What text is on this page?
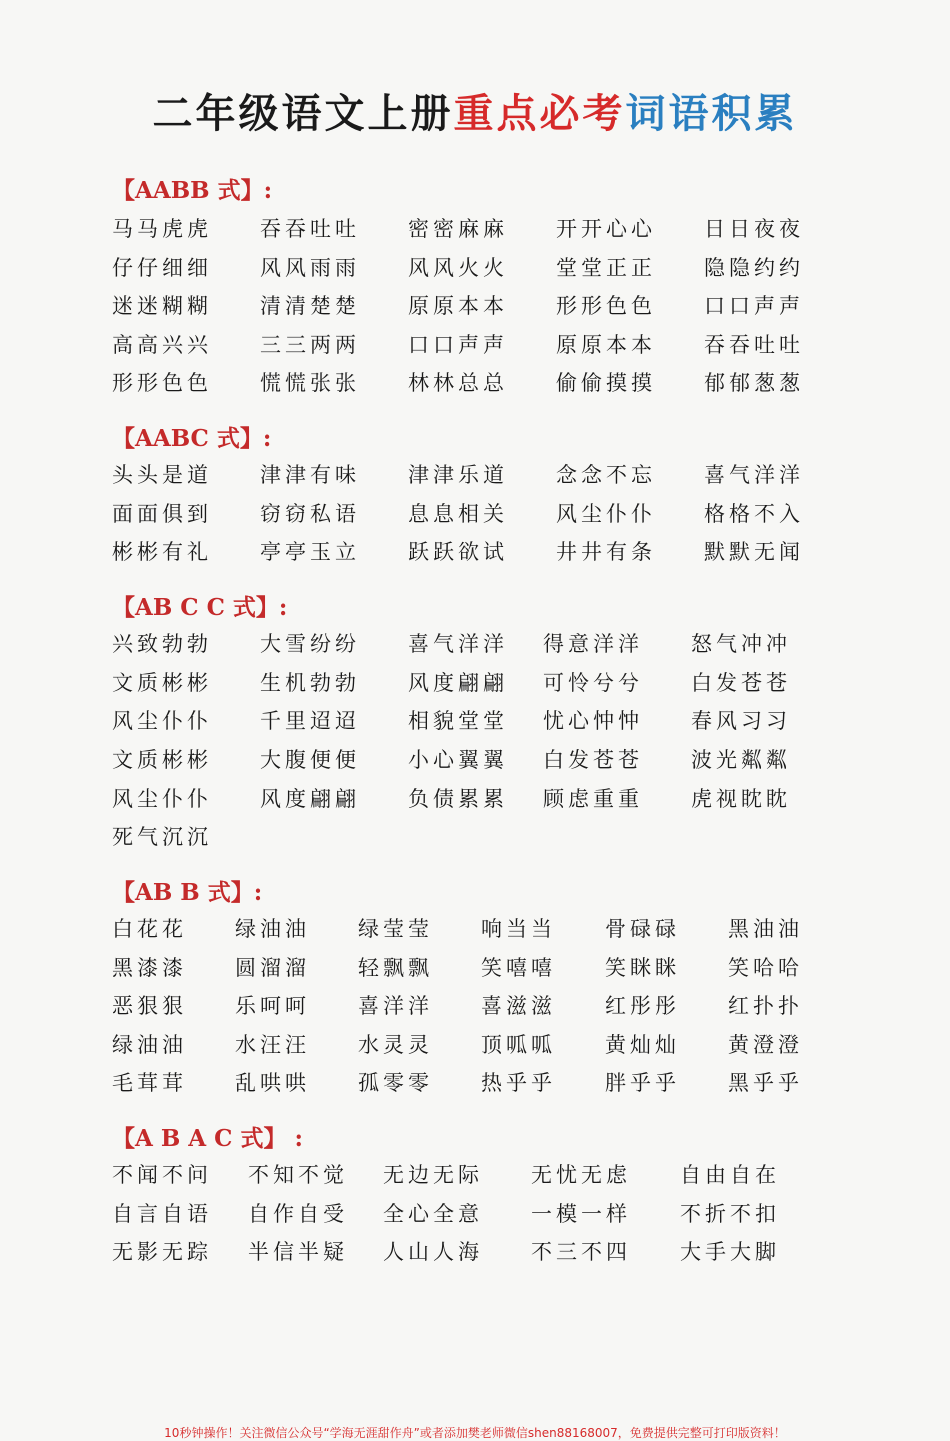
二年级语文上册重点必考词语积累
【AABB 式】:
马马虎虎 吞吞吐吐 密密麻麻 开开心心 日日夜夜
仔仔细细 风风雨雨 风风火火 堂堂正正 隐隐约约
迷迷糊糊 清清楚楚 原原本本 形形色色 口口声声
高高兴兴 三三两两 口口声声 原原本本 吞吞吐吐
形形色色 慌慌张张 林林总总 偷偷摸摸 郁郁葱葱
【AABC 式】:
头头是道 津津有味 津津乐道 念念不忘 喜气洋洋
面面俱到 窃窃私语 息息相关 风尘仆仆 格格不入
彬彬有礼 亭亭玉立 跃跃欲试 井井有条 默默无闻
【AB C C 式】:
兴致勃勃 大雪纷纷 喜气洋洋 得意洋洋 怒气冲冲
文质彬彬 生机勃勃 风度翩翩 可怜兮兮 白发苍苍
风尘仆仆 千里迢迢 相貌堂堂 忧心忡忡 春风习习
文质彬彬 大腹便便 小心翼翼 白发苍苍 波光粼粼
风尘仆仆 风度翩翩 负债累累 顾虑重重 虎视眈眈
死气沉沉
【AB B 式】:
白花花 绿油油 绿莹莹 响当当 骨碌碌 黑油油
黑漆漆 圆溜溜 轻飘飘 笑嘻嘻 笑眯眯 笑哈哈
恶狠狠 乐呵呵 喜洋洋 喜滋滋 红彤彤 红扑扑
绿油油 水汪汪 水灵灵 顶呱呱 黄灿灿 黄澄澄
毛茸茸 乱哄哄 孤零零 热乎乎 胖乎乎 黑乎乎
【A B A C 式】 :
不闻不问 不知不觉 无边无际 无忧无虑 自由自在
自言自语 自作自受 全心全意 一模一样 不折不扣
无影无踪 半信半疑 人山人海 不三不四 大手大脚
10秒钟操作！关注微信公众号“学海无涯甜作舟”或者添加樊老师微信shen88168007，免费提供完整可打印版资料！
